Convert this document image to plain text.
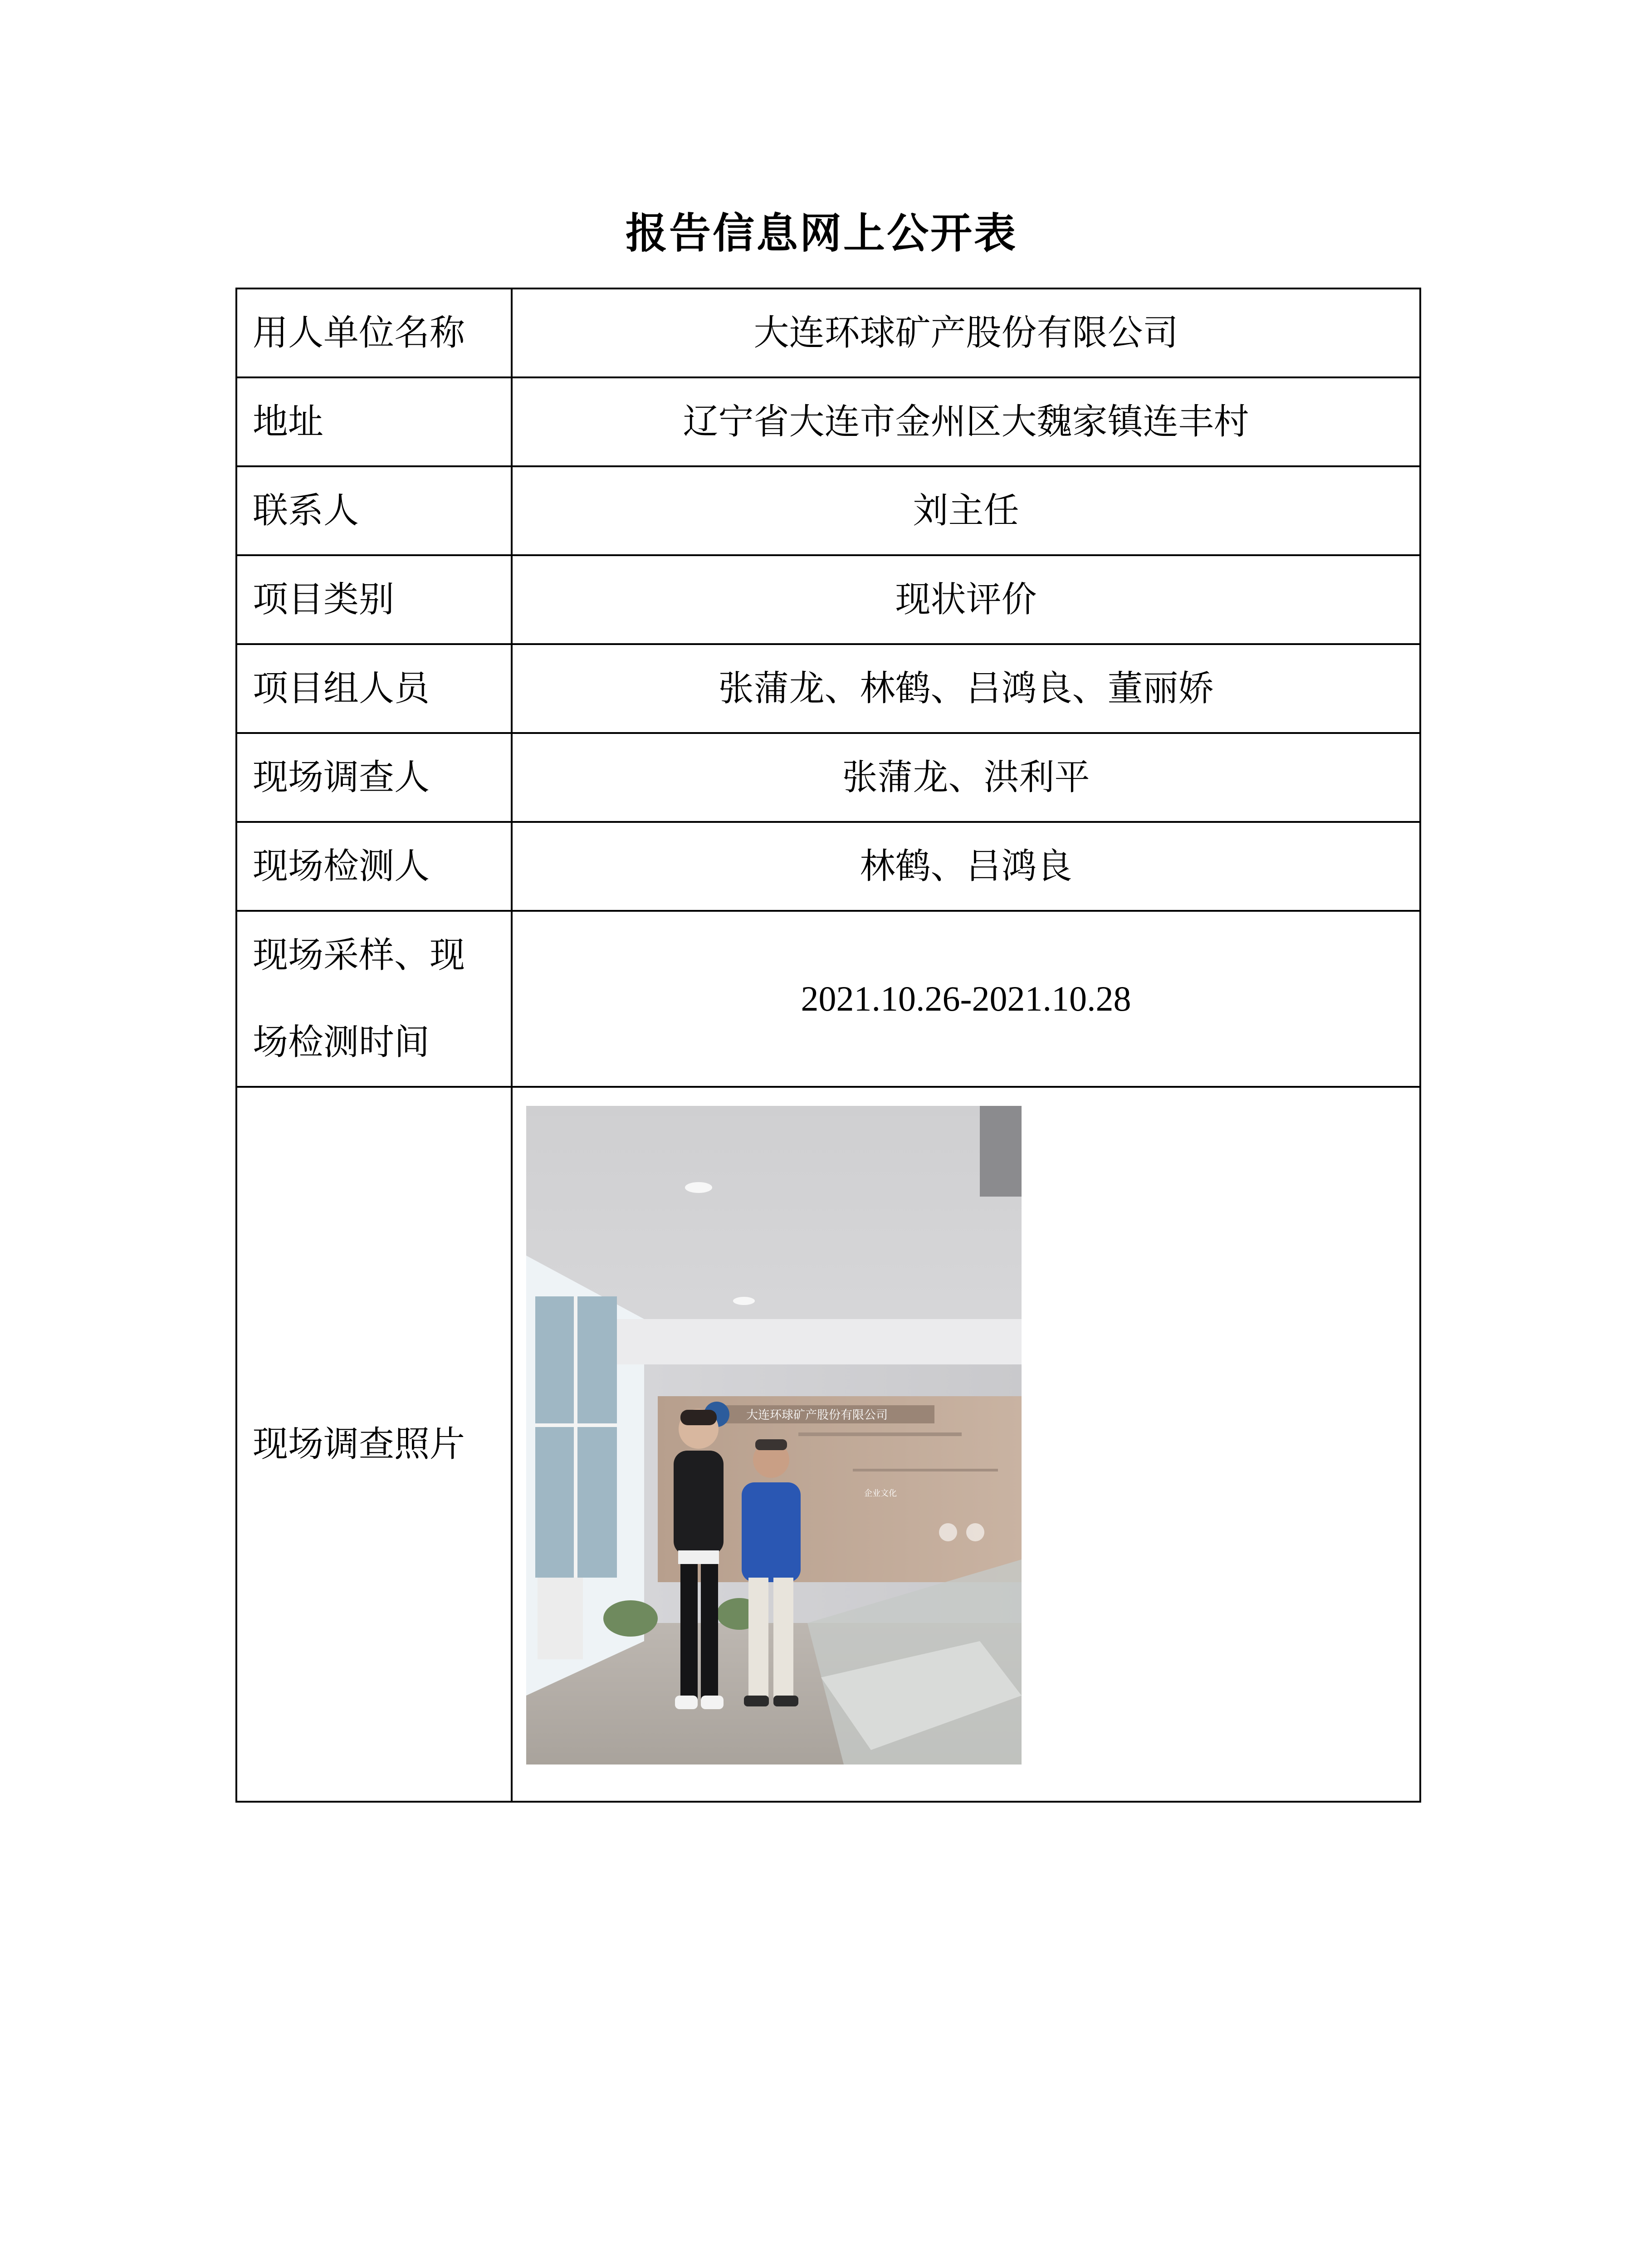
报告信息网上公开表
用人单位名称	大连环球矿产股份有限公司
地址	辽宁省大连市金州区大魏家镇连丰村
联系人	刘主任
项目类别	现状评价
项目组人员	张蒲龙、林鹤、吕鸿良、董丽娇
现场调查人	张蒲龙、洪利平
现场检测人	林鹤、吕鸿良
现场采样、现场检测时间	2021.10.26-2021.10.28
现场调查照片	大连环球矿产股份有限公司
企业文化
